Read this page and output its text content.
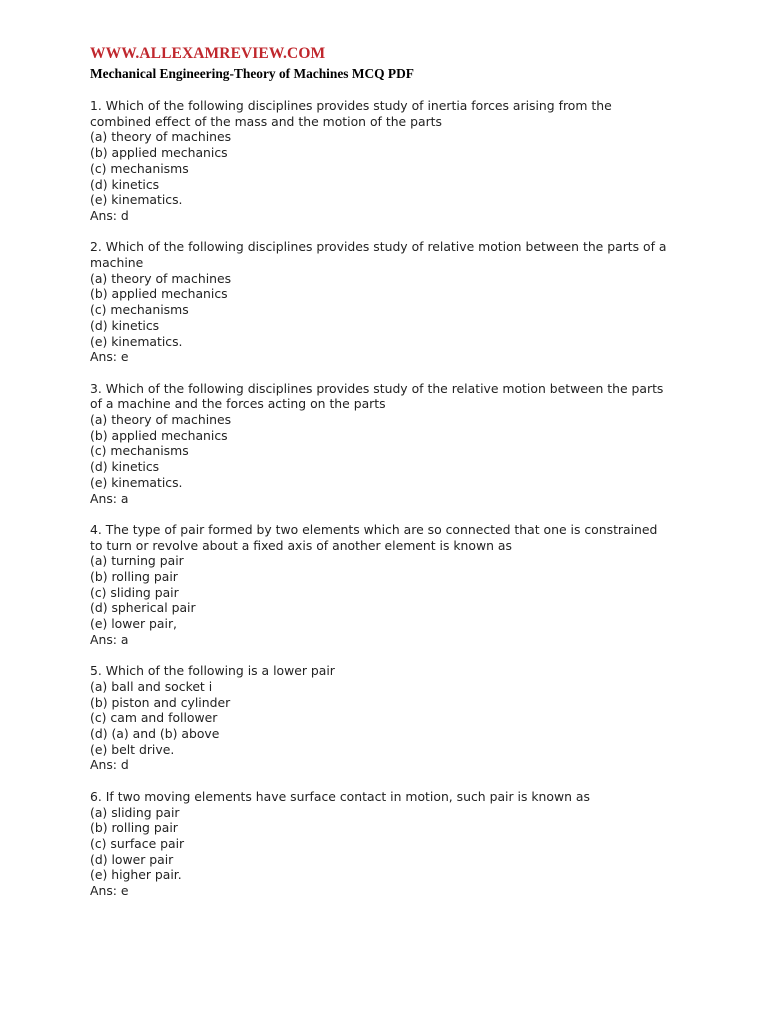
WWW.ALLEXAMREVIEW.COM
Mechanical Engineering-Theory of Machines MCQ PDF
1. Which of the following disciplines provides study of inertia forces arising from the
combined effect of the mass and the motion of the parts
(a) theory of machines
(b) applied mechanics
(c) mechanisms
(d) kinetics
(e) kinematics.
Ans: d
2. Which of the following disciplines provides study of relative motion between the parts of a
machine
(a) theory of machines
(b) applied mechanics
(c) mechanisms
(d) kinetics
(e) kinematics.
Ans: e
3. Which of the following disciplines provides study of the relative motion between the parts
of a machine and the forces acting on the parts
(a) theory of machines
(b) applied mechanics
(c) mechanisms
(d) kinetics
(e) kinematics.
Ans: a
4. The type of pair formed by two elements which are so connected that one is constrained
to turn or revolve about a fixed axis of another element is known as
(a) turning pair
(b) rolling pair
(c) sliding pair
(d) spherical pair
(e) lower pair,
Ans: a
5. Which of the following is a lower pair
(a) ball and socket i
(b) piston and cylinder
(c) cam and follower
(d) (a) and (b) above
(e) belt drive.
Ans: d
6. If two moving elements have surface contact in motion, such pair is known as
(a) sliding pair
(b) rolling pair
(c) surface pair
(d) lower pair
(e) higher pair.
Ans: e
